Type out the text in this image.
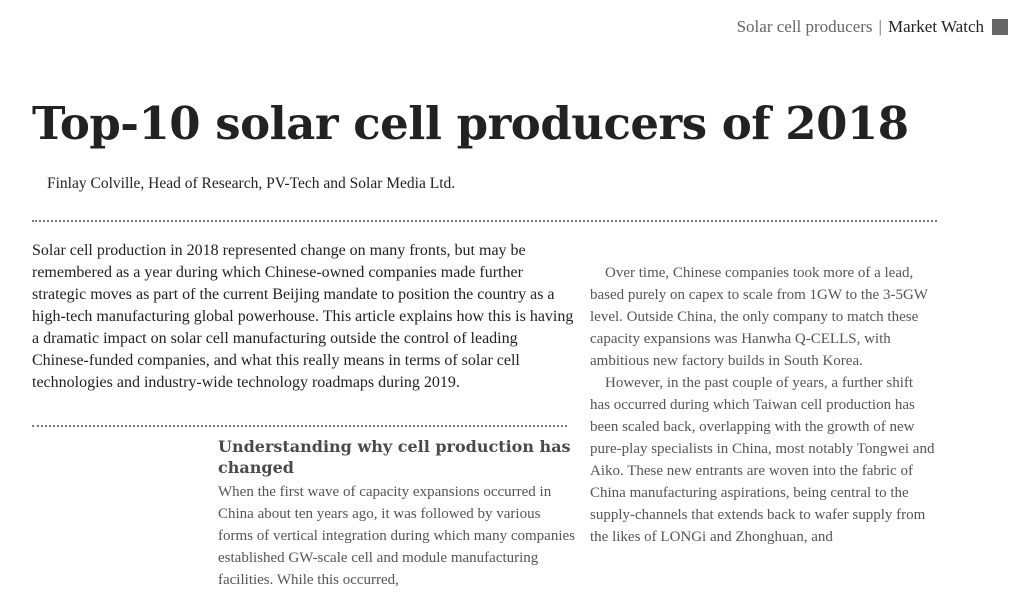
Solar cell producers | Market Watch
Top-10 solar cell producers of 2018
Finlay Colville, Head of Research, PV-Tech and Solar Media Ltd.

Solar cell production in 2018 represented change on many fronts, but may be remembered as a year during which Chinese-owned companies made further strategic moves as part of the current Beijing mandate to position the country as a high-tech manufacturing global powerhouse. This article explains how this is having a dramatic impact on solar cell manufacturing outside the control of leading Chinese-funded companies, and what this really means in terms of solar cell technologies and industry-wide technology roadmaps during 2019.

Understanding why cell production has changed

When the first wave of capacity expansions occurred in China about ten years ago, it was followed by various forms of vertical integration during which many companies established GW-scale cell and module manufacturing facilities. While this occurred,

Over time, Chinese companies took more of a lead, based purely on capex to scale from 1GW to the 3-5GW level. Outside China, the only company to match these capacity expansions was Hanwha Q-CELLS, with ambitious new factory builds in South Korea.

However, in the past couple of years, a further shift has occurred during which Taiwan cell production has been scaled back, overlapping with the growth of new pure-play specialists in China, most notably Tongwei and Aiko. These new entrants are woven into the fabric of China manufacturing aspirations, being central to the supply-channels that extends back to wafer supply from the likes of LONGi and Zhonghuan, and
